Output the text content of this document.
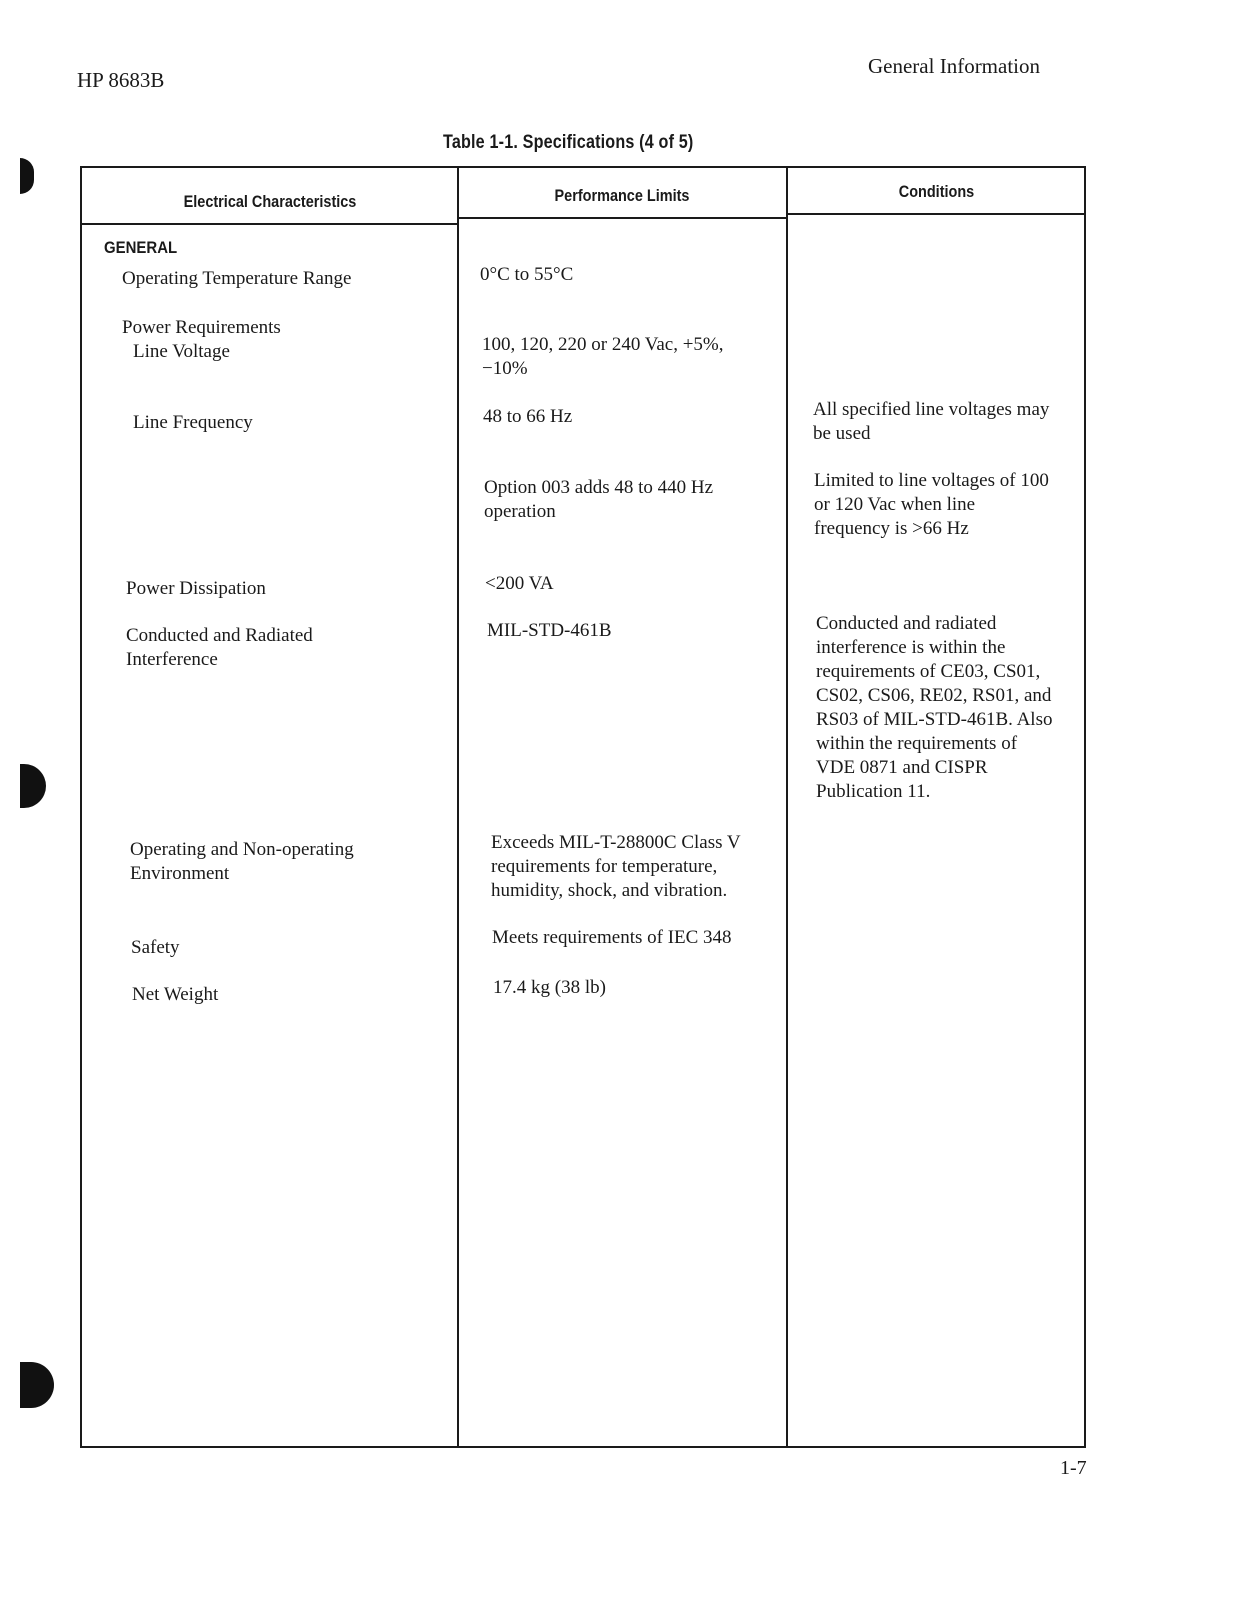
HP 8683B
General Information
Table 1-1. Specifications (4 of 5)
Electrical Characteristics	Performance Limits	Conditions
GENERAL
Operating Temperature Range
Power Requirements
Line Voltage
Line Frequency
Power Dissipation
Conducted and Radiated Interference
Operating and Non-operating Environment
Safety
Net Weight
0°C to 55°C
100, 120, 220 or 240 Vac, +5%, −10%
48 to 66 Hz
Option 003 adds 48 to 440 Hz operation
<200 VA
MIL-STD-461B
Exceeds MIL-T-28800C Class V requirements for temperature, humidity, shock, and vibration.
Meets requirements of IEC 348
17.4 kg (38 lb)
All specified line voltages may be used
Limited to line voltages of 100 or 120 Vac when line frequency is >66 Hz
Conducted and radiated interference is within the requirements of CE03, CS01, CS02, CS06, RE02, RS01, and RS03 of MIL-STD-461B. Also within the requirements of VDE 0871 and CISPR Publication 11.
1-7
